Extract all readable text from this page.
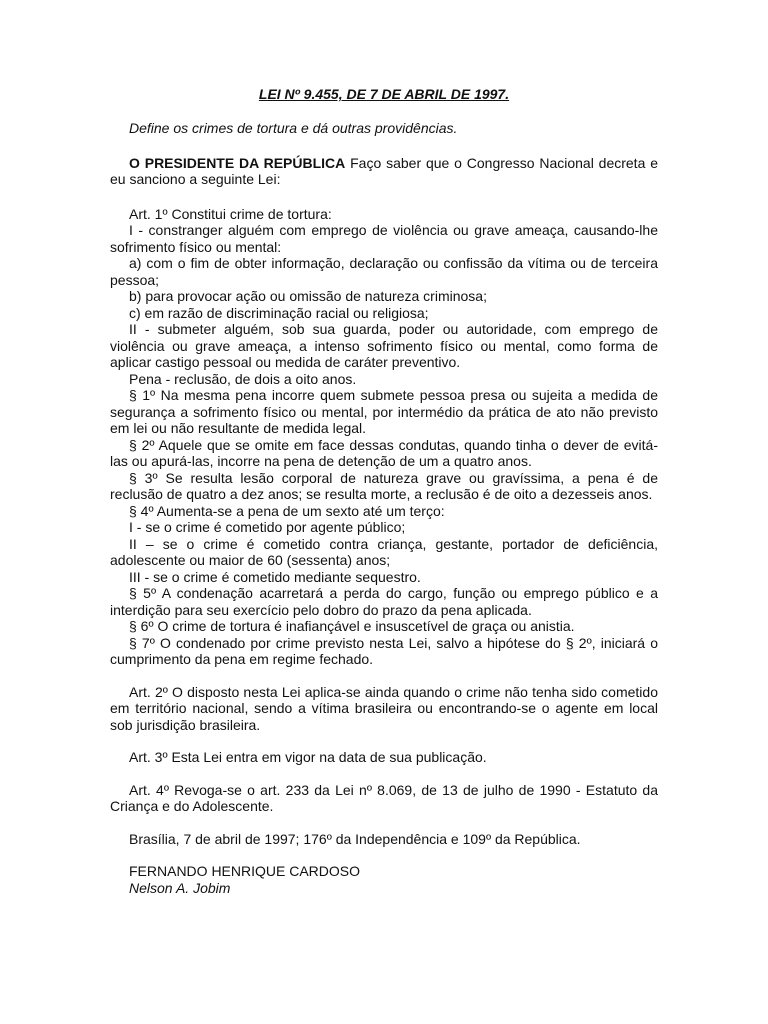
LEI Nº 9.455, DE 7 DE ABRIL DE 1997.

Define os crimes de tortura e dá outras providências.

O PRESIDENTE DA REPÚBLICA Faço saber que o Congresso Nacional decreta e eu sanciono a seguinte Lei:

Art. 1º Constitui crime de tortura:

I - constranger alguém com emprego de violência ou grave ameaça, causando-lhe sofrimento físico ou mental:

a) com o fim de obter informação, declaração ou confissão da vítima ou de terceira pessoa;

b) para provocar ação ou omissão de natureza criminosa;

c) em razão de discriminação racial ou religiosa;

II - submeter alguém, sob sua guarda, poder ou autoridade, com emprego de violência ou grave ameaça, a intenso sofrimento físico ou mental, como forma de aplicar castigo pessoal ou medida de caráter preventivo.

Pena - reclusão, de dois a oito anos.

§ 1º Na mesma pena incorre quem submete pessoa presa ou sujeita a medida de segurança a sofrimento físico ou mental, por intermédio da prática de ato não previsto em lei ou não resultante de medida legal.

§ 2º Aquele que se omite em face dessas condutas, quando tinha o dever de evitá-las ou apurá-las, incorre na pena de detenção de um a quatro anos.

§ 3º Se resulta lesão corporal de natureza grave ou gravíssima, a pena é de reclusão de quatro a dez anos; se resulta morte, a reclusão é de oito a dezesseis anos.

§ 4º Aumenta-se a pena de um sexto até um terço:

I - se o crime é cometido por agente público;

II – se o crime é cometido contra criança, gestante, portador de deficiência, adolescente ou maior de 60 (sessenta) anos;

III - se o crime é cometido mediante sequestro.

§ 5º A condenação acarretará a perda do cargo, função ou emprego público e a interdição para seu exercício pelo dobro do prazo da pena aplicada.

§ 6º O crime de tortura é inafiançável e insuscetível de graça ou anistia.

§ 7º O condenado por crime previsto nesta Lei, salvo a hipótese do § 2º, iniciará o cumprimento da pena em regime fechado.

Art. 2º O disposto nesta Lei aplica-se ainda quando o crime não tenha sido cometido em território nacional, sendo a vítima brasileira ou encontrando-se o agente em local sob jurisdição brasileira.

Art. 3º Esta Lei entra em vigor na data de sua publicação.

Art. 4º Revoga-se o art. 233 da Lei nº 8.069, de 13 de julho de 1990 - Estatuto da Criança e do Adolescente.

Brasília, 7 de abril de 1997; 176º da Independência e 109º da República.

FERNANDO HENRIQUE CARDOSO

Nelson A. Jobim
